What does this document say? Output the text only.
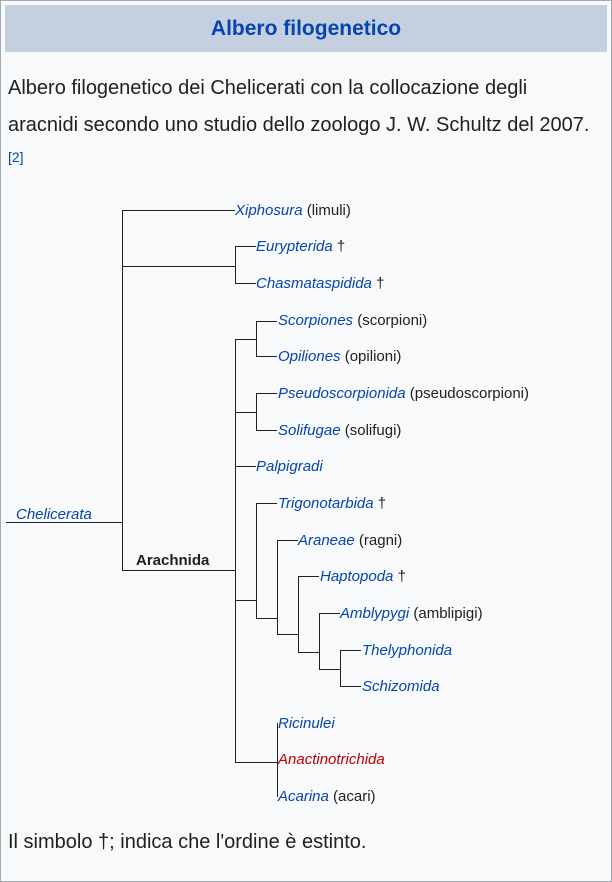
Albero filogenetico
Albero filogenetico dei Chelicerati con la collocazione degli aracnidi secondo uno studio dello zoologo J. W. Schultz del 2007.[2]
Chelicerata
Arachnida
Xiphosura (limuli)
Eurypterida †
Chasmataspidida †
Scorpiones (scorpioni)
Opiliones (opilioni)
Pseudoscorpionida (pseudoscorpioni)
Solifugae (solifugi)
Palpigradi
Trigonotarbida †
Araneae (ragni)
Haptopoda †
Amblypygi (amblipigi)
Thelyphonida
Schizomida
Ricinulei
Anactinotrichida
Acarina (acari)
Il simbolo †; indica che l'ordine è estinto.
